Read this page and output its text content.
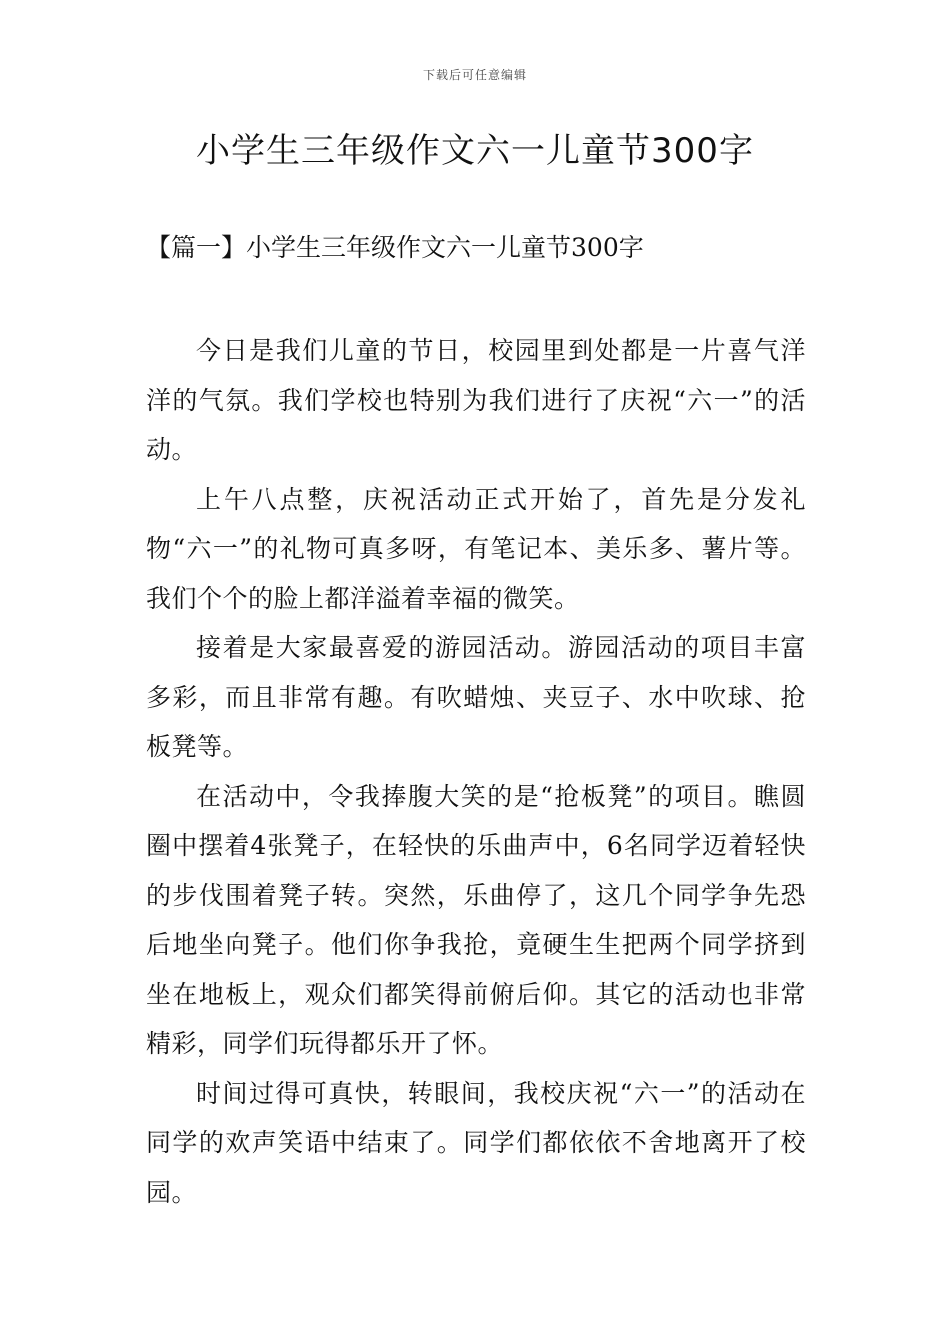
下载后可任意编辑
小学生三年级作文六一儿童节300字
【篇一】小学生三年级作文六一儿童节300字

今日是我们儿童的节日，校园里到处都是一片喜气洋洋的气氛。我们学校也特别为我们进行了庆祝“六一”的活动。

上午八点整，庆祝活动正式开始了，首先是分发礼物“六一”的礼物可真多呀，有笔记本、美乐多、薯片等。我们个个的脸上都洋溢着幸福的微笑。

接着是大家最喜爱的游园活动。游园活动的项目丰富多彩，而且非常有趣。有吹蜡烛、夹豆子、水中吹球、抢板凳等。

在活动中，令我捧腹大笑的是“抢板凳”的项目。瞧圆圈中摆着4张凳子，在轻快的乐曲声中，6名同学迈着轻快的步伐围着凳子转。突然，乐曲停了，这几个同学争先恐后地坐向凳子。他们你争我抢，竟硬生生把两个同学挤到坐在地板上，观众们都笑得前俯后仰。其它的活动也非常精彩，同学们玩得都乐开了怀。

时间过得可真快，转眼间，我校庆祝“六一”的活动在同学的欢声笑语中结束了。同学们都依依不舍地离开了校园。
